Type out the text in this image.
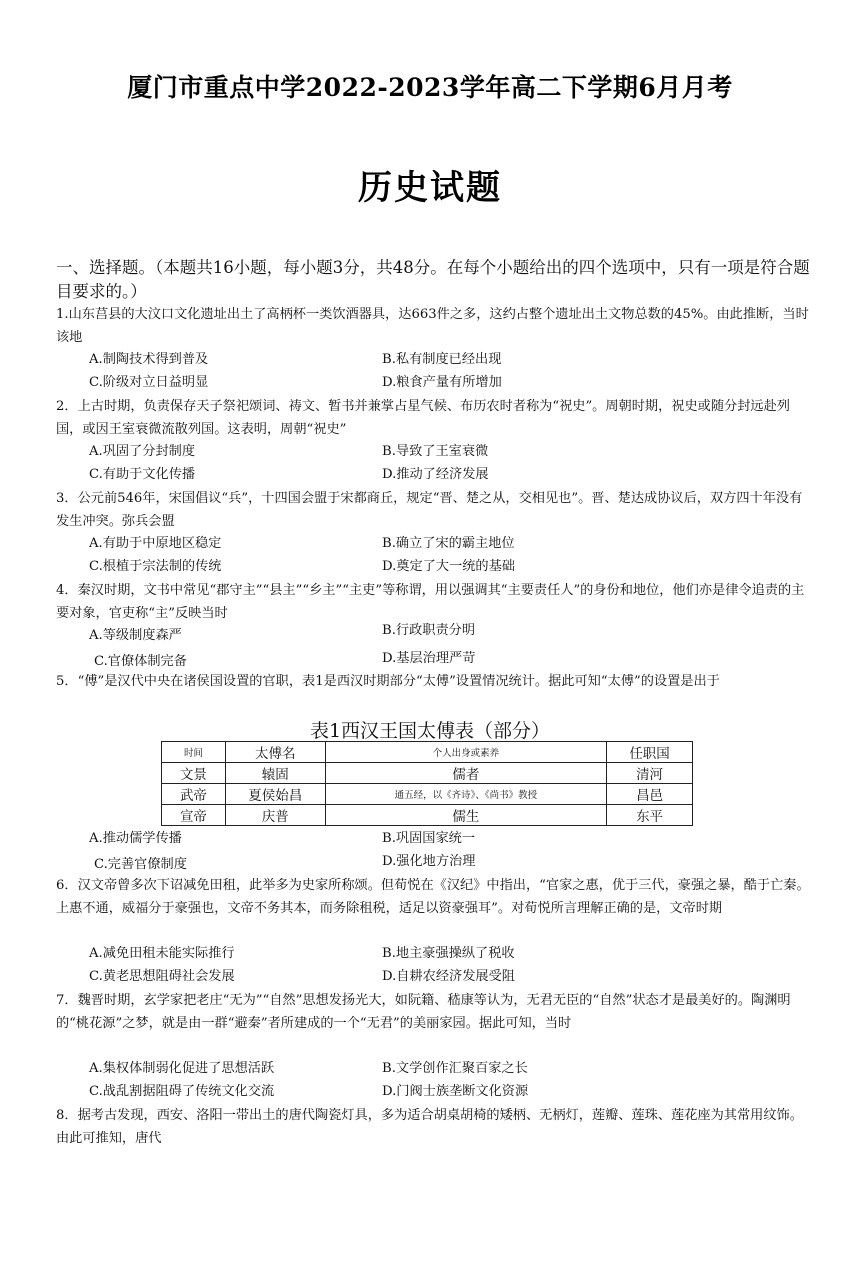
厦门市重点中学2022-2023学年高二下学期6月月考
历史试题
一、选择题。（本题共16小题，每小题3分，共48分。在每个小题给出的四个选项中，只有一项是符合题目要求的。）
1.山东莒县的大汶口文化遗址出土了高柄杯一类饮酒器具，达663件之多，这约占整个遗址出土文物总数的45%。由此推断，当时该地
A.制陶技术得到普及	B.私有制度已经出现
C.阶级对立日益明显	D.粮食产量有所增加
2．上古时期，负责保存天子祭祀颂词、祷文、暂书并兼掌占星气候、布历农时者称为“祝史”。周朝时期，祝史或随分封远赴列国，或因王室衰微流散列国。这表明，周朝“祝史”
A.巩固了分封制度	B.导致了王室衰微
C.有助于文化传播	D.推动了经济发展
3．公元前546年，宋国倡议“兵”，十四国会盟于宋都商丘，规定“晋、楚之从，交相见也”。晋、楚达成协议后，双方四十年没有发生冲突。弥兵会盟
A.有助于中原地区稳定	B.确立了宋的霸主地位
C.根植于宗法制的传统	D.奠定了大一统的基础
4．秦汉时期，文书中常见“郡守主”“县主”“乡主”“主吏”等称谓，用以强调其“主要责任人”的身份和地位，他们亦是律令追责的主要对象，官吏称“主”反映当时
A.等级制度森严	B.行政职责分明
C.官僚体制完备	D.基层治理严苛
5．“傅”是汉代中央在诸侯国设置的官职，表1是西汉时期部分“太傅”设置情况统计。据此可知“太傅”的设置是出于
表1西汉王国太傅表（部分）
时间	太傅名	个人出身或素养	任职国
文景	辕固	儒者	清河
武帝	夏侯始昌	通五经，以《齐诗》、《尚书》教授	昌邑
宣帝	庆普	儒生	东平
A.推动儒学传播	B.巩固国家统一
C.完善官僚制度	D.强化地方治理
6．汉文帝曾多次下诏减免田租，此举多为史家所称颂。但荀悦在《汉纪》中指出，“官家之惠，优于三代，豪强之暴，酷于亡秦。上惠不通，威福分于豪强也，文帝不务其本，而务除租税，适足以资豪强耳”。对荀悦所言理解正确的是，文帝时期
A.减免田租未能实际推行	B.地主豪强操纵了税收
C.黄老思想阻碍社会发展	D.自耕农经济发展受阻
7．魏晋时期，玄学家把老庄“无为”“自然”思想发扬光大，如阮籍、嵇康等认为，无君无臣的“自然”状态才是最美好的。陶渊明的“桃花源”之梦，就是由一群“避秦”者所建成的一个“无君”的美丽家园。据此可知，当时
A.集权体制弱化促进了思想活跃	B.文学创作汇聚百家之长
C.战乱割据阻碍了传统文化交流	D.门阀士族垄断文化资源
8．据考古发现，西安、洛阳一带出土的唐代陶瓷灯具，多为适合胡桌胡椅的矮柄、无柄灯，莲瓣、莲珠、莲花座为其常用纹饰。由此可推知，唐代
